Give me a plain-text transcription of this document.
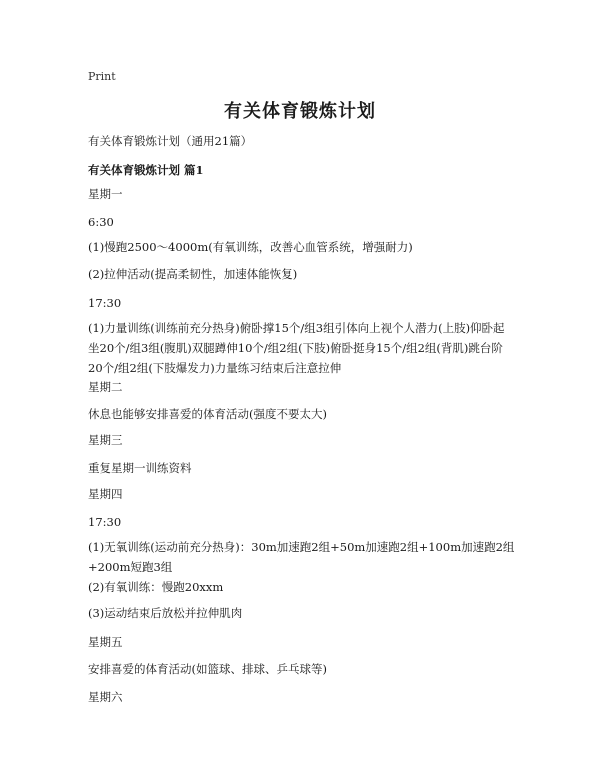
Print
有关体育锻炼计划
有关体育锻炼计划（通用21篇）
有关体育锻炼计划 篇1
星期一
6:30
(1)慢跑2500～4000m(有氧训练，改善心血管系统，增强耐力)
(2)拉伸活动(提高柔韧性，加速体能恢复)
17:30
(1)力量训练(训练前充分热身)俯卧撑15个/组3组引体向上视个人潜力(上肢)仰卧起坐20个/组3组(腹肌)双腿蹲伸10个/组2组(下肢)俯卧挺身15个/组2组(背肌)跳台阶20个/组2组(下肢爆发力)力量练习结束后注意拉伸
星期二
休息也能够安排喜爱的体育活动(强度不要太大)
星期三
重复星期一训练资料
星期四
17:30
(1)无氧训练(运动前充分热身)：30m加速跑2组+50m加速跑2组+100m加速跑2组+200m短跑3组
(2)有氧训练：慢跑20xxm
(3)运动结束后放松并拉伸肌肉
星期五
安排喜爱的体育活动(如篮球、排球、乒乓球等)
星期六
